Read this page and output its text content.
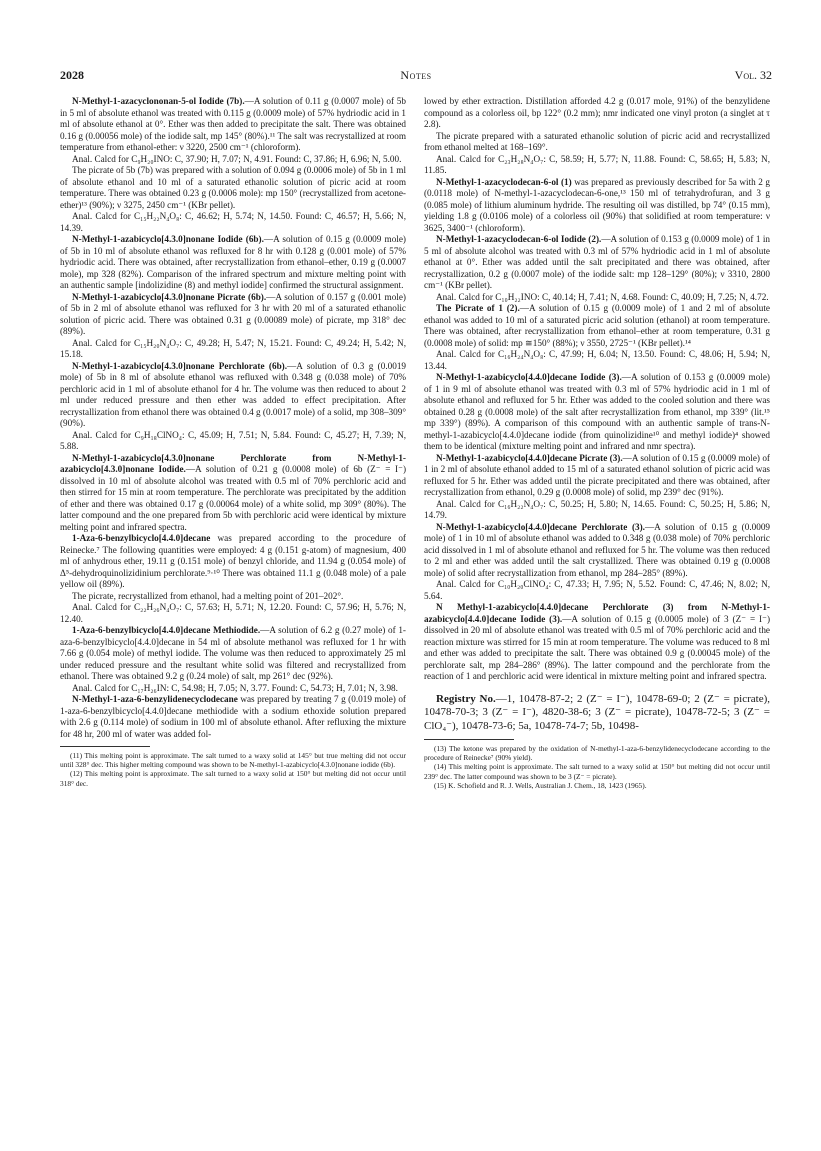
2028	Notes	Vol. 32

N-Methyl-1-azacyclononan-5-ol Iodide (7b).—A solution of 0.11 g (0.0007 mole) of 5b in 5 ml of absolute ethanol was treated with 0.115 g (0.0009 mole) of 57% hydriodic acid in 1 ml of absolute ethanol at 0°. Ether was then added to precipitate the salt. There was obtained 0.16 g (0.00056 mole) of the iodide salt, mp 145° (80%).¹¹ The salt was recrystallized at room temperature from ethanol-ether: ν 3220, 2500 cm⁻¹ (chloroform).

Anal. Calcd for C₉H₂₀INO: C, 37.90; H, 7.07; N, 4.91. Found: C, 37.86; H, 6.96; N, 5.00.

The picrate of 5b (7b) was prepared with a solution of 0.094 g (0.0006 mole) of 5b in 1 ml of absolute ethanol and 10 ml of a saturated ethanolic solution of picric acid at room temperature. There was obtained 0.23 g (0.0006 mole): mp 150° (recrystallized from acetone-ether)¹³ (90%); ν 3275, 2450 cm⁻¹ (KBr pellet).

Anal. Calcd for C₁₅H₂₂N₄O₈: C, 46.62; H, 5.74; N, 14.50. Found: C, 46.57; H, 5.66; N, 14.39.

N-Methyl-1-azabicyclo[4.3.0]nonane Iodide (6b).—A solution of 0.15 g (0.0009 mole) of 5b in 10 ml of absolute ethanol was refluxed for 8 hr with 0.128 g (0.001 mole) of 57% hydriodic acid. There was obtained, after recrystallization from ethanol–ether, 0.19 g (0.0007 mole), mp 328 (82%). Comparison of the infrared spectrum and mixture melting point with an authentic sample [indolizidine (8) and methyl iodide] confirmed the structural assignment.

N-Methyl-1-azabicyclo[4.3.0]nonane Picrate (6b).—A solution of 0.157 g (0.001 mole) of 5b in 2 ml of absolute ethanol was refluxed for 3 hr with 20 ml of a saturated ethanolic solution of picric acid. There was obtained 0.31 g (0.00089 mole) of picrate, mp 318° dec (89%).

Anal. Calcd for C₁₅H₂₀N₄O₇: C, 49.28; H, 5.47; N, 15.21. Found: C, 49.24; H, 5.42; N, 15.18.

N-Methyl-1-azabicyclo[4.3.0]nonane Perchlorate (6b).—A solution of 0.3 g (0.0019 mole) of 5b in 8 ml of absolute ethanol was refluxed with 0.348 g (0.038 mole) of 70% perchloric acid in 1 ml of absolute ethanol for 4 hr. The volume was then reduced to about 2 ml under reduced pressure and then ether was added to effect precipitation. After recrystallization from ethanol there was obtained 0.4 g (0.0017 mole) of a solid, mp 308–309° (90%).

Anal. Calcd for C₉H₁₈ClNO₄: C, 45.09; H, 7.51; N, 5.84. Found: C, 45.27; H, 7.39; N, 5.88.

N-Methyl-1-azabicyclo[4.3.0]nonane Perchlorate from N-Methyl-1-azabicyclo[4.3.0]nonane Iodide.—A solution of 0.21 g (0.0008 mole) of 6b (Z⁻ = I⁻) dissolved in 10 ml of absolute alcohol was treated with 0.5 ml of 70% perchloric acid and then stirred for 15 min at room temperature. The perchlorate was precipitated by the addition of ether and there was obtained 0.17 g (0.00064 mole) of a white solid, mp 309° (80%). The latter compound and the one prepared from 5b with perchloric acid were identical by mixture melting point and infrared spectra.

1-Aza-6-benzylbicyclo[4.4.0]decane was prepared according to the procedure of Reinecke.⁷ The following quantities were employed: 4 g (0.151 g-atom) of magnesium, 400 ml of anhydrous ether, 19.11 g (0.151 mole) of benzyl chloride, and 11.94 g (0.054 mole) of Δ⁵-dehydroquinolizidinium perchlorate.⁹·¹⁰ There was obtained 11.1 g (0.048 mole) of a pale yellow oil (89%).

The picrate, recrystallized from ethanol, had a melting point of 201–202°.

Anal. Calcd for C₂₂H₂₆N₄O₇: C, 57.63; H, 5.71; N, 12.20. Found: C, 57.96; H, 5.76; N, 12.40.

1-Aza-6-benzylbicyclo[4.4.0]decane Methiodide.—A solution of 6.2 g (0.27 mole) of 1-aza-6-benzylbicyclo[4.4.0]decane in 54 ml of absolute methanol was refluxed for 1 hr with 7.66 g (0.054 mole) of methyl iodide. The volume was then reduced to approximately 25 ml under reduced pressure and the resultant white solid was filtered and recrystallized from ethanol. There was obtained 9.2 g (0.24 mole) of salt, mp 261° dec (92%).

Anal. Calcd for C₁₇H₂₆IN: C, 54.98; H, 7.05; N, 3.77. Found: C, 54.73; H, 7.01; N, 3.98.

N-Methyl-1-aza-6-benzylidenecyclodecane was prepared by treating 7 g (0.019 mole) of 1-aza-6-benzylbicyclo[4.4.0]decane methiodide with a sodium ethoxide solution prepared with 2.6 g (0.114 mole) of sodium in 100 ml of absolute ethanol. After refluxing the mixture for 48 hr, 200 ml of water was added fol-

(11) This melting point is approximate. The salt turned to a waxy solid at 145° but true melting did not occur until 328° dec. This higher melting compound was shown to be N-methyl-1-azabicyclo[4.3.0]nonane iodide (6b).

(12) This melting point is approximate. The salt turned to a waxy solid at 150° but melting did not occur until 318° dec.

lowed by ether extraction. Distillation afforded 4.2 g (0.017 mole, 91%) of the benzylidene compound as a colorless oil, bp 122° (0.2 mm); nmr indicated one vinyl proton (a singlet at τ 2.8).

The picrate prepared with a saturated ethanolic solution of picric acid and recrystallized from ethanol melted at 168–169°.

Anal. Calcd for C₂₃H₂₈N₄O₇: C, 58.59; H, 5.77; N, 11.88. Found: C, 58.65; H, 5.83; N, 11.85.

N-Methyl-1-azacyclodecan-6-ol (1) was prepared as previously described for 5a with 2 g (0.0118 mole) of N-methyl-1-azacyclodecan-6-one,¹³ 150 ml of tetrahydrofuran, and 3 g (0.085 mole) of lithium aluminum hydride. The resulting oil was distilled, bp 74° (0.15 mm), yielding 1.8 g (0.0106 mole) of a colorless oil (90%) that solidified at room temperature: ν 3625, 3400⁻¹ (chloroform).

N-Methyl-1-azacyclodecan-6-ol Iodide (2).—A solution of 0.153 g (0.0009 mole) of 1 in 5 ml of absolute alcohol was treated with 0.3 ml of 57% hydriodic acid in 1 ml of absolute ethanol at 0°. Ether was added until the salt precipitated and there was obtained, after recrystallization, 0.2 g (0.0007 mole) of the iodide salt: mp 128–129° (80%); ν 3310, 2800 cm⁻¹ (KBr pellet).

Anal. Calcd for C₁₀H₂₂INO: C, 40.14; H, 7.41; N, 4.68. Found: C, 40.09; H, 7.25; N, 4.72.

The Picrate of 1 (2).—A solution of 0.15 g (0.0009 mole) of 1 and 2 ml of absolute ethanol was added to 10 ml of a saturated picric acid solution (ethanol) at room temperature. There was obtained, after recrystallization from ethanol–ether at room temperature, 0.31 g (0.0008 mole) of solid: mp ≅150° (88%); ν 3550, 2725⁻¹ (KBr pellet).¹⁴

Anal. Calcd for C₁₆H₂₄N₄O₈: C, 47.99; H, 6.04; N, 13.50. Found: C, 48.06; H, 5.94; N, 13.44.

N-Methyl-1-azabicyclo[4.4.0]decane Iodide (3).—A solution of 0.153 g (0.0009 mole) of 1 in 9 ml of absolute ethanol was treated with 0.3 ml of 57% hydriodic acid in 1 ml of absolute ethanol and refluxed for 5 hr. Ether was added to the cooled solution and there was obtained 0.28 g (0.0008 mole) of the salt after recrystallization from ethanol, mp 339° (lit.¹⁵ mp 339°) (89%). A comparison of this compound with an authentic sample of trans-N-methyl-1-azabicyclo[4.4.0]decane iodide (from quinolizidine¹⁰ and methyl iodide)⁴ showed them to be identical (mixture melting point and infrared and nmr spectra).

N-Methyl-1-azabicyclo[4.4.0]decane Picrate (3).—A solution of 0.15 g (0.0009 mole) of 1 in 2 ml of absolute ethanol added to 15 ml of a saturated ethanol solution of picric acid was refluxed for 5 hr. Ether was added until the picrate precipitated and there was obtained, after recrystallization from ethanol, 0.29 g (0.0008 mole) of solid, mp 239° dec (91%).

Anal. Calcd for C₁₆H₂₂N₄O₇: C, 50.25; H, 5.80; N, 14.65. Found: C, 50.25; H, 5.86; N, 14.79.

N-Methyl-1-azabicyclo[4.4.0]decane Perchlorate (3).—A solution of 0.15 g (0.0009 mole) of 1 in 10 ml of absolute ethanol was added to 0.348 g (0.038 mole) of 70% perchloric acid dissolved in 1 ml of absolute ethanol and refluxed for 5 hr. The volume was then reduced to 2 ml and ether was added until the salt crystallized. There was obtained 0.19 g (0.0008 mole) of solid after recrystallization from ethanol, mp 284–285° (89%).

Anal. Calcd for C₁₀H₂₀ClNO₄: C, 47.33; H, 7.95; N, 5.52. Found: C, 47.46; N, 8.02; N, 5.64.

N Methyl-1-azabicyclo[4.4.0]decane Perchlorate (3) from N-Methyl-1-azabicyclo[4.4.0]decane Iodide (3).—A solution of 0.15 g (0.0005 mole) of 3 (Z⁻ = I⁻) dissolved in 20 ml of absolute ethanol was treated with 0.5 ml of 70% perchloric acid and the reaction mixture was stirred for 15 min at room temperature. The volume was reduced to 8 ml and ether was added to precipitate the salt. There was obtained 0.9 g (0.00045 mole) of the perchlorate salt, mp 284–286° (89%). The latter compound and the perchlorate from the reaction of 1 and perchloric acid were identical in mixture melting point and infrared spectra.

Registry No.—1, 10478-87-2; 2 (Z⁻ = I⁻), 10478-69-0; 2 (Z⁻ = picrate), 10478-70-3; 3 (Z⁻ = I⁻), 4820-38-6; 3 (Z⁻ = picrate), 10478-72-5; 3 (Z⁻ = ClO₄⁻), 10478-73-6; 5a, 10478-74-7; 5b, 10498-

(13) The ketone was prepared by the oxidation of N-methyl-1-aza-6-benzylidenecyclodecane according to the procedure of Reinecke⁷ (90% yield).

(14) This melting point is approximate. The salt turned to a waxy solid at 150° but melting did not occur until 239° dec. The latter compound was shown to be 3 (Z⁻ = picrate).

(15) K. Schofield and R. J. Wells, Australian J. Chem., 18, 1423 (1965).
